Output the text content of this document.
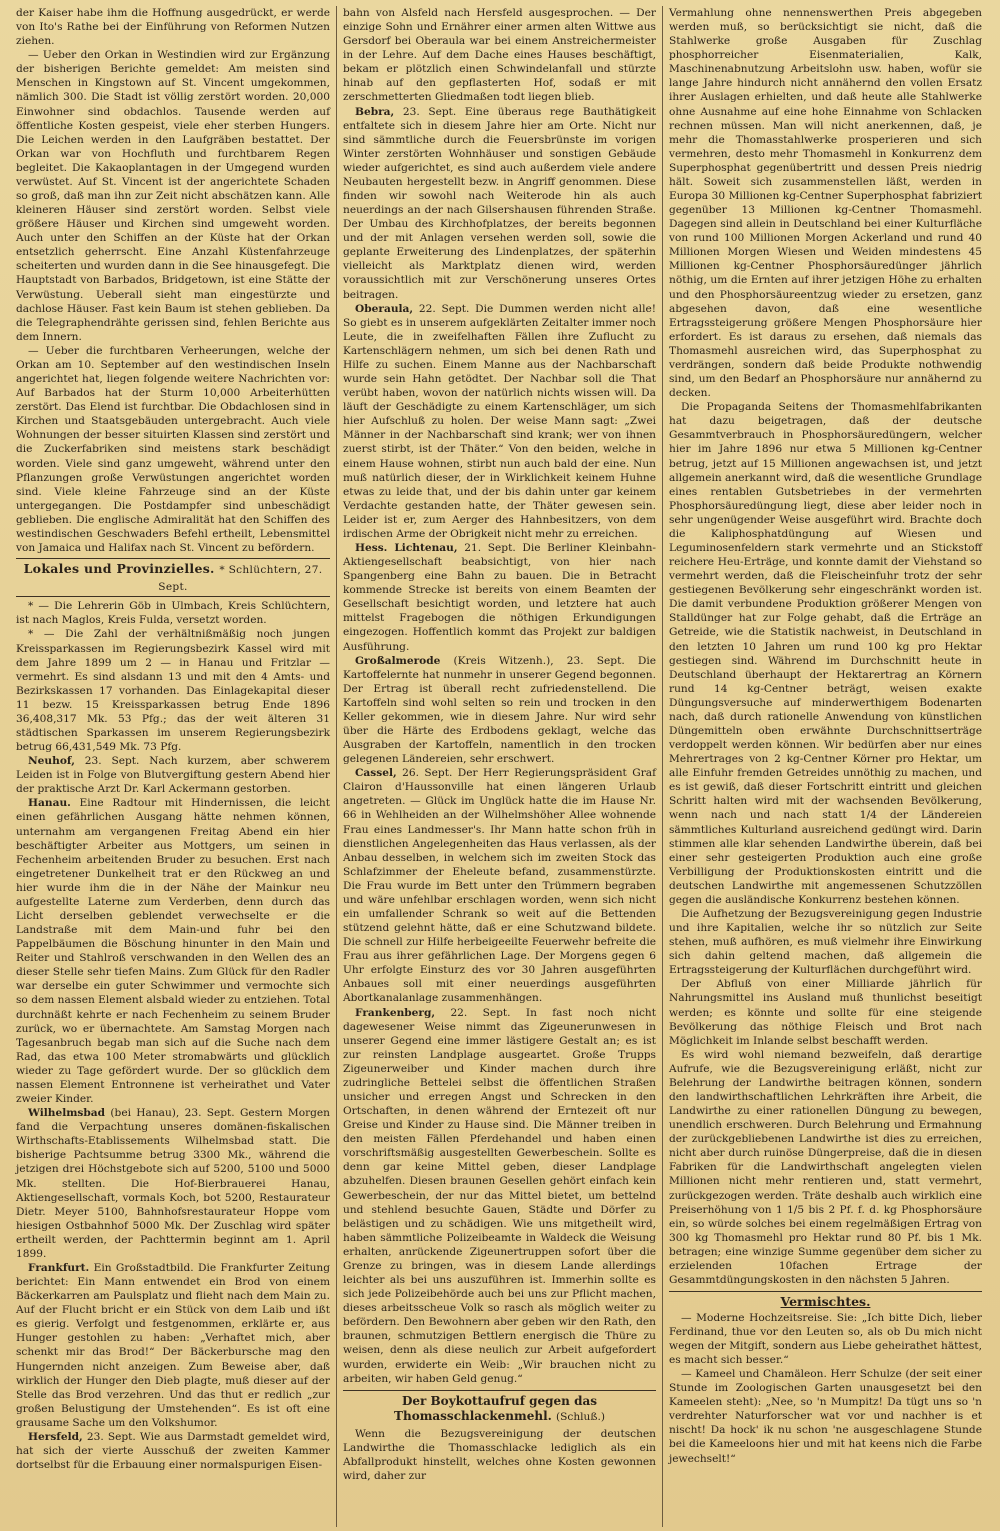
der Kaiser habe ihm die Hoffnung ausgedrückt, er werde von Ito's Rathe bei der Einführung von Reformen Nutzen ziehen.

— Ueber den Orkan in Westindien wird zur Ergänzung der bisherigen Berichte gemeldet: Am meisten sind Menschen in Kingstown auf St. Vincent umgekommen, nämlich 300. Die Stadt ist völlig zerstört worden. 20,000 Einwohner sind obdachlos. Tausende werden auf öffentliche Kosten gespeist, viele eher sterben Hungers. Die Leichen werden in den Laufgräben bestattet. Der Orkan war von Hochfluth und furchtbarem Regen begleitet. Die Kakaoplantagen in der Umgegend wurden verwüstet. Auf St. Vincent ist der angerichtete Schaden so groß, daß man ihn zur Zeit nicht abschätzen kann. Alle kleineren Häuser sind zerstört worden. Selbst viele größere Häuser und Kirchen sind umgeweht worden. Auch unter den Schiffen an der Küste hat der Orkan entsetzlich geherrscht. Eine Anzahl Küstenfahrzeuge scheiterten und wurden dann in die See hinausgefegt. Die Hauptstadt von Barbados, Bridgetown, ist eine Stätte der Verwüstung. Ueberall sieht man eingestürzte und dachlose Häuser. Fast kein Baum ist stehen geblieben. Da die Telegraphendrähte gerissen sind, fehlen Berichte aus dem Innern.

— Ueber die furchtbaren Verheerungen, welche der Orkan am 10. September auf den westindischen Inseln angerichtet hat, liegen folgende weitere Nachrichten vor: Auf Barbados hat der Sturm 10,000 Arbeiterhütten zerstört. Das Elend ist furchtbar. Die Obdachlosen sind in Kirchen und Staatsgebäuden untergebracht. Auch viele Wohnungen der besser situirten Klassen sind zerstört und die Zuckerfabriken sind meistens stark beschädigt worden. Viele sind ganz umgeweht, während unter den Pflanzungen große Verwüstungen angerichtet worden sind. Viele kleine Fahrzeuge sind an der Küste untergegangen. Die Postdampfer sind unbeschädigt geblieben. Die englische Admiralität hat den Schiffen des westindischen Geschwaders Befehl ertheilt, Lebensmittel von Jamaica und Halifax nach St. Vincent zu befördern.

Lokales und Provinzielles. * Schlüchtern, 27. Sept.

* — Die Lehrerin Göb in Ulmbach, Kreis Schlüchtern, ist nach Maglos, Kreis Fulda, versetzt worden.

* — Die Zahl der verhältnißmäßig noch jungen Kreissparkassen im Regierungsbezirk Kassel wird mit dem Jahre 1899 um 2 — in Hanau und Fritzlar — vermehrt. Es sind alsdann 13 und mit den 4 Amts- und Bezirkskassen 17 vorhanden. Das Einlagekapital dieser 11 bezw. 15 Kreissparkassen betrug Ende 1896 36,408,317 Mk. 53 Pfg.; das der weit älteren 31 städtischen Sparkassen im unserem Regierungsbezirk betrug 66,431,549 Mk. 73 Pfg.

Neuhof, 23. Sept. Nach kurzem, aber schwerem Leiden ist in Folge von Blutvergiftung gestern Abend hier der praktische Arzt Dr. Karl Ackermann gestorben.

Hanau. Eine Radtour mit Hindernissen, die leicht einen gefährlichen Ausgang hätte nehmen können, unternahm am vergangenen Freitag Abend ein hier beschäftigter Arbeiter aus Mottgers, um seinen in Fechenheim arbeitenden Bruder zu besuchen. Erst nach eingetretener Dunkelheit trat er den Rückweg an und hier wurde ihm die in der Nähe der Mainkur neu aufgestellte Laterne zum Verderben, denn durch das Licht derselben geblendet verwechselte er die Landstraße mit dem Main-und fuhr bei den Pappelbäumen die Böschung hinunter in den Main und Reiter und Stahlroß verschwanden in den Wellen des an dieser Stelle sehr tiefen Mains. Zum Glück für den Radler war derselbe ein guter Schwimmer und vermochte sich so dem nassen Element alsbald wieder zu entziehen. Total durchnäßt kehrte er nach Fechenheim zu seinem Bruder zurück, wo er übernachtete. Am Samstag Morgen nach Tagesanbruch begab man sich auf die Suche nach dem Rad, das etwa 100 Meter stromabwärts und glücklich wieder zu Tage gefördert wurde. Der so glücklich dem nassen Element Entronnene ist verheirathet und Vater zweier Kinder.

Wilhelmsbad (bei Hanau), 23. Sept. Gestern Morgen fand die Verpachtung unseres domänen-fiskalischen Wirthschafts-Etablissements Wilhelmsbad statt. Die bisherige Pachtsumme betrug 3300 Mk., während die jetzigen drei Höchstgebote sich auf 5200, 5100 und 5000 Mk. stellten. Die Hof-Bierbrauerei Hanau, Aktiengesellschaft, vormals Koch, bot 5200, Restaurateur Dietr. Meyer 5100, Bahnhofsrestaurateur Hoppe vom hiesigen Ostbahnhof 5000 Mk. Der Zuschlag wird später ertheilt werden, der Pachttermin beginnt am 1. April 1899.

Frankfurt. Ein Großstadtbild. Die Frankfurter Zeitung berichtet: Ein Mann entwendet ein Brod von einem Bäckerkarren am Paulsplatz und flieht nach dem Main zu. Auf der Flucht bricht er ein Stück von dem Laib und ißt es gierig. Verfolgt und festgenommen, erklärte er, aus Hunger gestohlen zu haben: „Verhaftet mich, aber schenkt mir das Brod!“ Der Bäckerbursche mag den Hungernden nicht anzeigen. Zum Beweise aber, daß wirklich der Hunger den Dieb plagte, muß dieser auf der Stelle das Brod verzehren. Und das thut er redlich „zur großen Belustigung der Umstehenden“. Es ist oft eine grausame Sache um den Volkshumor.

Hersfeld, 23. Sept. Wie aus Darmstadt gemeldet wird, hat sich der vierte Ausschuß der zweiten Kammer dortselbst für die Erbauung einer normalspurigen Eisen-

bahn von Alsfeld nach Hersfeld ausgesprochen. — Der einzige Sohn und Ernährer einer armen alten Wittwe aus Gersdorf bei Oberaula war bei einem Anstreichermeister in der Lehre. Auf dem Dache eines Hauses beschäftigt, bekam er plötzlich einen Schwindelanfall und stürzte hinab auf den gepflasterten Hof, sodaß er mit zerschmetterten Gliedmaßen todt liegen blieb.

Bebra, 23. Sept. Eine überaus rege Bauthätigkeit entfaltete sich in diesem Jahre hier am Orte. Nicht nur sind sämmtliche durch die Feuersbrünste im vorigen Winter zerstörten Wohnhäuser und sonstigen Gebäude wieder aufgerichtet, es sind auch außerdem viele andere Neubauten hergestellt bezw. in Angriff genommen. Diese finden wir sowohl nach Weiterode hin als auch neuerdings an der nach Gilsershausen führenden Straße. Der Umbau des Kirchhofplatzes, der bereits begonnen und der mit Anlagen versehen werden soll, sowie die geplante Erweiterung des Lindenplatzes, der späterhin vielleicht als Marktplatz dienen wird, werden voraussichtlich mit zur Verschönerung unseres Ortes beitragen.

Oberaula, 22. Sept. Die Dummen werden nicht alle! So giebt es in unserem aufgeklärten Zeitalter immer noch Leute, die in zweifelhaften Fällen ihre Zuflucht zu Kartenschlägern nehmen, um sich bei denen Rath und Hilfe zu suchen. Einem Manne aus der Nachbarschaft wurde sein Hahn getödtet. Der Nachbar soll die That verübt haben, wovon der natürlich nichts wissen will. Da läuft der Geschädigte zu einem Kartenschläger, um sich hier Aufschluß zu holen. Der weise Mann sagt: „Zwei Männer in der Nachbarschaft sind krank; wer von ihnen zuerst stirbt, ist der Thäter.“ Von den beiden, welche in einem Hause wohnen, stirbt nun auch bald der eine. Nun muß natürlich dieser, der in Wirklichkeit keinem Huhne etwas zu leide that, und der bis dahin unter gar keinem Verdachte gestanden hatte, der Thäter gewesen sein. Leider ist er, zum Aerger des Hahnbesitzers, von dem irdischen Arme der Obrigkeit nicht mehr zu erreichen.

Hess. Lichtenau, 21. Sept. Die Berliner Kleinbahn-Aktiengesellschaft beabsichtigt, von hier nach Spangenberg eine Bahn zu bauen. Die in Betracht kommende Strecke ist bereits von einem Beamten der Gesellschaft besichtigt worden, und letztere hat auch mittelst Fragebogen die nöthigen Erkundigungen eingezogen. Hoffentlich kommt das Projekt zur baldigen Ausführung.

Großalmerode (Kreis Witzenh.), 23. Sept. Die Kartoffelernte hat nunmehr in unserer Gegend begonnen. Der Ertrag ist überall recht zufriedenstellend. Die Kartoffeln sind wohl selten so rein und trocken in den Keller gekommen, wie in diesem Jahre. Nur wird sehr über die Härte des Erdbodens geklagt, welche das Ausgraben der Kartoffeln, namentlich in den trocken gelegenen Ländereien, sehr erschwert.

Cassel, 26. Sept. Der Herr Regierungspräsident Graf Clairon d'Haussonville hat einen längeren Urlaub angetreten. — Glück im Unglück hatte die im Hause Nr. 66 in Wehlheiden an der Wilhelmshöher Allee wohnende Frau eines Landmesser's. Ihr Mann hatte schon früh in dienstlichen Angelegenheiten das Haus verlassen, als der Anbau desselben, in welchem sich im zweiten Stock das Schlafzimmer der Eheleute befand, zusammenstürzte. Die Frau wurde im Bett unter den Trümmern begraben und wäre unfehlbar erschlagen worden, wenn sich nicht ein umfallender Schrank so weit auf die Bettenden stützend gelehnt hätte, daß er eine Schutzwand bildete. Die schnell zur Hilfe herbeigeeilte Feuerwehr befreite die Frau aus ihrer gefährlichen Lage. Der Morgens gegen 6 Uhr erfolgte Einsturz des vor 30 Jahren ausgeführten Anbaues soll mit einer neuerdings ausgeführten Abortkanalanlage zusammenhängen.

Frankenberg, 22. Sept. In fast noch nicht dagewesener Weise nimmt das Zigeunerunwesen in unserer Gegend eine immer lästigere Gestalt an; es ist zur reinsten Landplage ausgeartet. Große Trupps Zigeunerweiber und Kinder machen durch ihre zudringliche Bettelei selbst die öffentlichen Straßen unsicher und erregen Angst und Schrecken in den Ortschaften, in denen während der Erntezeit oft nur Greise und Kinder zu Hause sind. Die Männer treiben in den meisten Fällen Pferdehandel und haben einen vorschriftsmäßig ausgestellten Gewerbeschein. Sollte es denn gar keine Mittel geben, dieser Landplage abzuhelfen. Diesen braunen Gesellen gehört einfach kein Gewerbeschein, der nur das Mittel bietet, um bettelnd und stehlend besuchte Gauen, Städte und Dörfer zu belästigen und zu schädigen. Wie uns mitgetheilt wird, haben sämmtliche Polizeibeamte in Waldeck die Weisung erhalten, anrückende Zigeunertruppen sofort über die Grenze zu bringen, was in diesem Lande allerdings leichter als bei uns auszuführen ist. Immerhin sollte es sich jede Polizeibehörde auch bei uns zur Pflicht machen, dieses arbeitsscheue Volk so rasch als möglich weiter zu befördern. Den Bewohnern aber geben wir den Rath, den braunen, schmutzigen Bettlern energisch die Thüre zu weisen, denn als diese neulich zur Arbeit aufgefordert wurden, erwiderte ein Weib: „Wir brauchen nicht zu arbeiten, wir haben Geld genug.“

Der Boykottaufruf gegen das Thomasschlackenmehl. (Schluß.)

Wenn die Bezugsvereinigung der deutschen Landwirthe die Thomasschlacke lediglich als ein Abfallprodukt hinstellt, welches ohne Kosten gewonnen wird, daher zur

Vermahlung ohne nennenswerthen Preis abgegeben werden muß, so berücksichtigt sie nicht, daß die Stahlwerke große Ausgaben für Zuschlag phosphorreicher Eisenmaterialien, Kalk, Maschinenabnutzung Arbeitslohn usw. haben, wofür sie lange Jahre hindurch nicht annähernd den vollen Ersatz ihrer Auslagen erhielten, und daß heute alle Stahlwerke ohne Ausnahme auf eine hohe Einnahme von Schlacken rechnen müssen. Man will nicht anerkennen, daß, je mehr die Thomasstahlwerke prosperieren und sich vermehren, desto mehr Thomasmehl in Konkurrenz dem Superphosphat gegenübertritt und dessen Preis niedrig hält. Soweit sich zusammenstellen läßt, werden in Europa 30 Millionen kg-Centner Superphosphat fabriziert gegenüber 13 Millionen kg-Centner Thomasmehl. Dagegen sind allein in Deutschland bei einer Kulturfläche von rund 100 Millionen Morgen Ackerland und rund 40 Millionen Morgen Wiesen und Weiden mindestens 45 Millionen kg-Centner Phosphorsäuredünger jährlich nöthig, um die Ernten auf ihrer jetzigen Höhe zu erhalten und den Phosphorsäureentzug wieder zu ersetzen, ganz abgesehen davon, daß eine wesentliche Ertragssteigerung größere Mengen Phosphorsäure hier erfordert. Es ist daraus zu ersehen, daß niemals das Thomasmehl ausreichen wird, das Superphosphat zu verdrängen, sondern daß beide Produkte nothwendig sind, um den Bedarf an Phosphorsäure nur annähernd zu decken.

Die Propaganda Seitens der Thomasmehlfabrikanten hat dazu beigetragen, daß der deutsche Gesammtverbrauch in Phosphorsäuredüngern, welcher hier im Jahre 1896 nur etwa 5 Millionen kg-Centner betrug, jetzt auf 15 Millionen angewachsen ist, und jetzt allgemein anerkannt wird, daß die wesentliche Grundlage eines rentablen Gutsbetriebes in der vermehrten Phosphorsäuredüngung liegt, diese aber leider noch in sehr ungenügender Weise ausgeführt wird. Brachte doch die Kaliphosphatdüngung auf Wiesen und Leguminosenfeldern stark vermehrte und an Stickstoff reichere Heu-Erträge, und konnte damit der Viehstand so vermehrt werden, daß die Fleischeinfuhr trotz der sehr gestiegenen Bevölkerung sehr eingeschränkt worden ist. Die damit verbundene Produktion größerer Mengen von Stalldünger hat zur Folge gehabt, daß die Erträge an Getreide, wie die Statistik nachweist, in Deutschland in den letzten 10 Jahren um rund 100 kg pro Hektar gestiegen sind. Während im Durchschnitt heute in Deutschland überhaupt der Hektarertrag an Körnern rund 14 kg-Centner beträgt, weisen exakte Düngungsversuche auf minderwerthigem Bodenarten nach, daß durch rationelle Anwendung von künstlichen Düngemitteln oben erwähnte Durchschnittserträge verdoppelt werden können. Wir bedürfen aber nur eines Mehrertrages von 2 kg-Centner Körner pro Hektar, um alle Einfuhr fremden Getreides unnöthig zu machen, und es ist gewiß, daß dieser Fortschritt eintritt und gleichen Schritt halten wird mit der wachsenden Bevölkerung, wenn nach und nach statt 1/4 der Ländereien sämmtliches Kulturland ausreichend gedüngt wird. Darin stimmen alle klar sehenden Landwirthe überein, daß bei einer sehr gesteigerten Produktion auch eine große Verbilligung der Produktionskosten eintritt und die deutschen Landwirthe mit angemessenen Schutzzöllen gegen die ausländische Konkurrenz bestehen können.

Die Aufhetzung der Bezugsvereinigung gegen Industrie und ihre Kapitalien, welche ihr so nützlich zur Seite stehen, muß aufhören, es muß vielmehr ihre Einwirkung sich dahin geltend machen, daß allgemein die Ertragssteigerung der Kulturflächen durchgeführt wird.

Der Abfluß von einer Milliarde jährlich für Nahrungsmittel ins Ausland muß thunlichst beseitigt werden; es könnte und sollte für eine steigende Bevölkerung das nöthige Fleisch und Brot nach Möglichkeit im Inlande selbst beschafft werden.

Es wird wohl niemand bezweifeln, daß derartige Aufrufe, wie die Bezugsvereinigung erläßt, nicht zur Belehrung der Landwirthe beitragen können, sondern den landwirthschaftlichen Lehrkräften ihre Arbeit, die Landwirthe zu einer rationellen Düngung zu bewegen, unendlich erschweren. Durch Belehrung und Ermahnung der zurückgebliebenen Landwirthe ist dies zu erreichen, nicht aber durch ruinöse Düngerpreise, daß die in diesen Fabriken für die Landwirthschaft angelegten vielen Millionen nicht mehr rentieren und, statt vermehrt, zurückgezogen werden. Träte deshalb auch wirklich eine Preiserhöhung von 1 1/5 bis 2 Pf. f. d. kg Phosphorsäure ein, so würde solches bei einem regelmäßigen Ertrag von 300 kg Thomasmehl pro Hektar rund 80 Pf. bis 1 Mk. betragen; eine winzige Summe gegenüber dem sicher zu erzielenden 10fachen Ertrage der Gesammtdüngungskosten in den nächsten 5 Jahren.

Vermischtes.

— Moderne Hochzeitsreise. Sie: „Ich bitte Dich, lieber Ferdinand, thue vor den Leuten so, als ob Du mich nicht wegen der Mitgift, sondern aus Liebe geheirathet hättest, es macht sich besser.“

— Kameel und Chamäleon. Herr Schulze (der seit einer Stunde im Zoologischen Garten unausgesetzt bei den Kameelen steht): „Nee, so 'n Mumpitz! Da tügt uns so 'n verdrehter Naturforscher wat vor und nachher is et nischt! Da hock' ik nu schon 'ne ausgeschlagene Stunde bei die Kameeloons hier und mit hat keens nich die Farbe jewechselt!“
